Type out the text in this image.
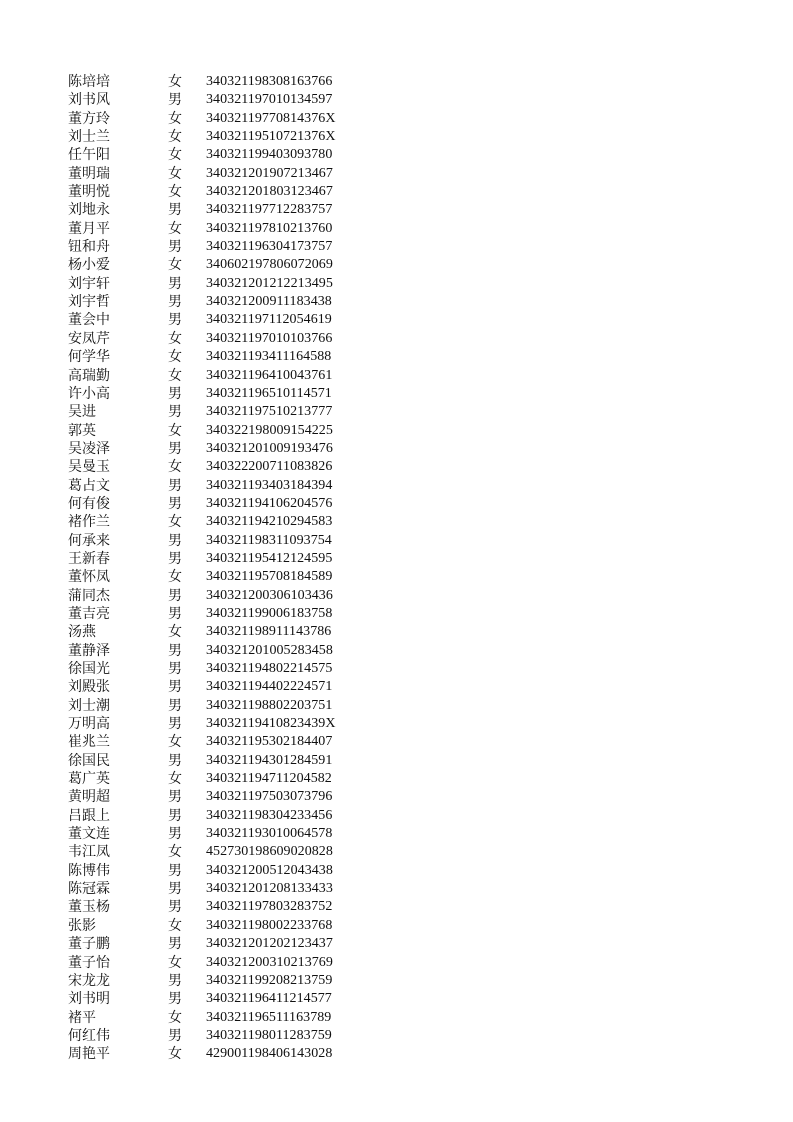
陈培培	女 340321198308163766
刘书风	男 340321197010134597
董方玲	女 34032119770814376X
刘士兰	女 34032119510721376X
任午阳	女 340321199403093780
董明瑞	女 340321201907213467
董明悦	女 340321201803123467
刘地永	男 340321197712283757
董月平	女 340321197810213760
钮和舟	男 340321196304173757
杨小爱	女 340602197806072069
刘宇轩	男 340321201212213495
刘宇哲	男 340321200911183438
董会中	男 340321197112054619
安凤芹	女 340321197010103766
何学华	女 340321193411164588
高瑞勤	女 340321196410043761
许小高	男 340321196510114571
吴进	男 340321197510213777
郭英	女 340322198009154225
吴凌泽	男 340321201009193476
吴曼玉	女 340322200711083826
葛占文	男 340321193403184394
何有俊	男 340321194106204576
褚作兰	女 340321194210294583
何承来	男 340321198311093754
王新春	男 340321195412124595
董怀凤	女 340321195708184589
蒲同杰	男 340321200306103436
董吉亮	男 340321199006183758
汤燕	女 340321198911143786
董静泽	男 340321201005283458
徐国光	男 340321194802214575
刘殿张	男 340321194402224571
刘士潮	男 340321198802203751
万明高	男 34032119410823439X
崔兆兰	女 340321195302184407
徐国民	男 340321194301284591
葛广英	女 340321194711204582
黄明超	男 340321197503073796
吕跟上	男 340321198304233456
董文连	男 340321193010064578
韦江凤	女 452730198609020828
陈博伟	男 340321200512043438
陈冠霖	男 340321201208133433
董玉杨	男 340321197803283752
张影	女 340321198002233768
董子鹏	男 340321201202123437
董子怡	女 340321200310213769
宋龙龙	男 340321199208213759
刘书明	男 340321196411214577
褚平	女 340321196511163789
何红伟	男 340321198011283759
周艳平	女 429001198406143028
